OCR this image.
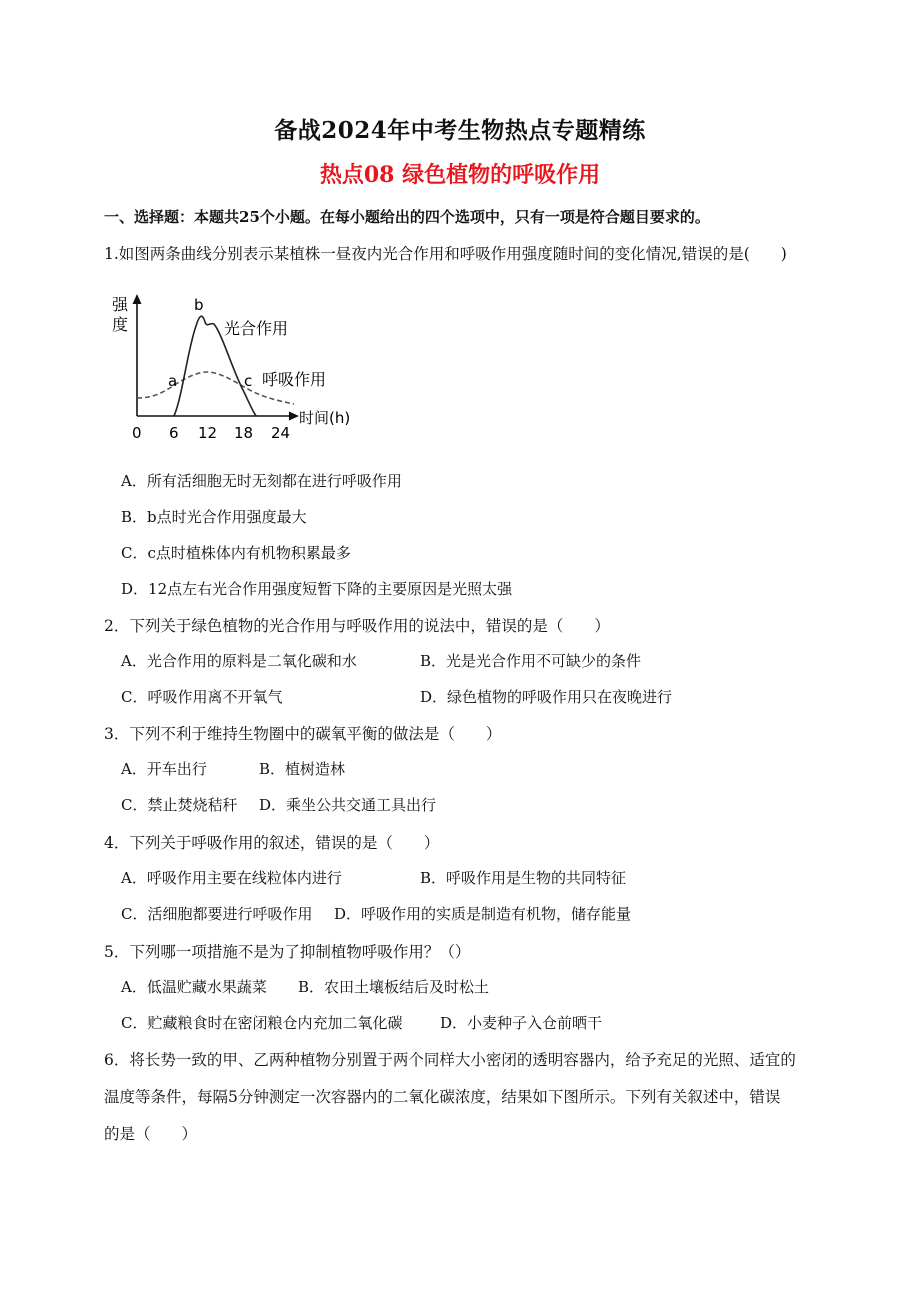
备战2024年中考生物热点专题精练
热点08 绿色植物的呼吸作用
一、选择题：本题共25个小题。在每小题给出的四个选项中，只有一项是符合题目要求的。
1.如图两条曲线分别表示某植株一昼夜内光合作用和呼吸作用强度随时间的变化情况,错误的是(　　)
强
度
时间(h)
0 6 12 18 24
b
a	c
光合作用
呼吸作用
A．所有活细胞无时无刻都在进行呼吸作用
B．b点时光合作用强度最大
C．c点时植株体内有机物积累最多
D．12点左右光合作用强度短暂下降的主要原因是光照太强
2．下列关于绿色植物的光合作用与呼吸作用的说法中，错误的是（　　）
A．光合作用的原料是二氧化碳和水	B．光是光合作用不可缺少的条件
C．呼吸作用离不开氧气	D．绿色植物的呼吸作用只在夜晚进行
3．下列不利于维持生物圈中的碳氧平衡的做法是（　　）
A．开车出行	B．植树造林
C．禁止焚烧秸秆 D．乘坐公共交通工具出行
4．下列关于呼吸作用的叙述，错误的是（　　）
A．呼吸作用主要在线粒体内进行	B．呼吸作用是生物的共同特征
C．活细胞都要进行呼吸作用 D．呼吸作用的实质是制造有机物，储存能量
5．下列哪一项措施不是为了抑制植物呼吸作用？（）
A．低温贮藏水果蔬菜 B．农田土壤板结后及时松土
C．贮藏粮食时在密闭粮仓内充加二氧化碳	D．小麦种子入仓前晒干
6．将长势一致的甲、乙两种植物分别置于两个同样大小密闭的透明容器内，给予充足的光照、适宜的
温度等条件，每隔5分钟测定一次容器内的二氧化碳浓度，结果如下图所示。下列有关叙述中，错误
的是（　　）
